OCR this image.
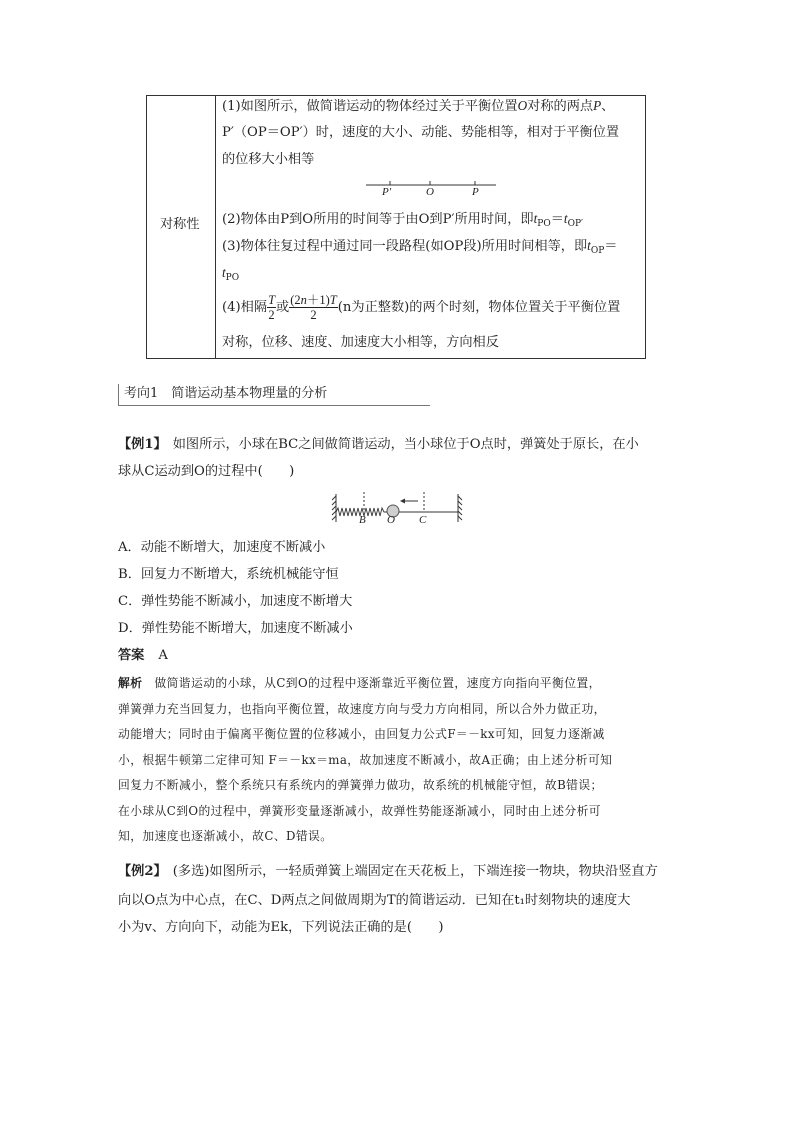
对称性
(1)如图所示，做简谐运动的物体经过关于平衡位置O对称的两点P、
P′（OP＝OP′）时，速度的大小、动能、势能相等，相对于平衡位置
的位移大小相等
P′	O	P
(2)物体由P到O所用的时间等于由O到P′所用时间，即$t_{PO}=t_{OP'}$
(3)物体往复过程中通过同一段路程(如OP段)所用时间相等，即$t_{OP}=$
$t_{PO}$
(4)相隔 $\frac{T}{2}$ 或 $\frac{(2n+1)T}{2} (n$为正整数)的两个时刻，物体位置关于平衡位置
对称，位移、速度、加速度大小相等，方向相反
考向1　简谐运动基本物理量的分析
【例1】 如图所示，小球在BC之间做简谐运动，当小球位于O点时，弹簧处于原长，在小
球从C运动到O的过程中(　　)
B O C
A．动能不断增大，加速度不断减小
B．回复力不断增大，系统机械能守恒
C．弹性势能不断减小，加速度不断增大
D．弹性势能不断增大，加速度不断减小
答案 A
解析 做简谐运动的小球，从C到O的过程中逐渐靠近平衡位置，速度方向指向平衡位置，
弹簧弹力充当回复力，也指向平衡位置，故速度方向与受力方向相同，所以合外力做正功，
动能增大；同时由于偏离平衡位置的位移减小，由回复力公式F＝－kx可知，回复力逐渐减
小，根据牛顿第二定律可知 F＝－kx＝ma，故加速度不断减小，故A正确；由上述分析可知
回复力不断减小，整个系统只有系统内的弹簧弹力做功，故系统的机械能守恒，故B错误；
在小球从C到O的过程中，弹簧形变量逐渐减小，故弹性势能逐渐减小，同时由上述分析可
知，加速度也逐渐减小，故C、D错误。
【例2】 (多选)如图所示，一轻质弹簧上端固定在天花板上，下端连接一物块，物块沿竖直方
向以O点为中心点，在C、D两点之间做周期为T的简谐运动．已知在t₁时刻物块的速度大
小为v、方向向下，动能为Ek，下列说法正确的是(　　)
